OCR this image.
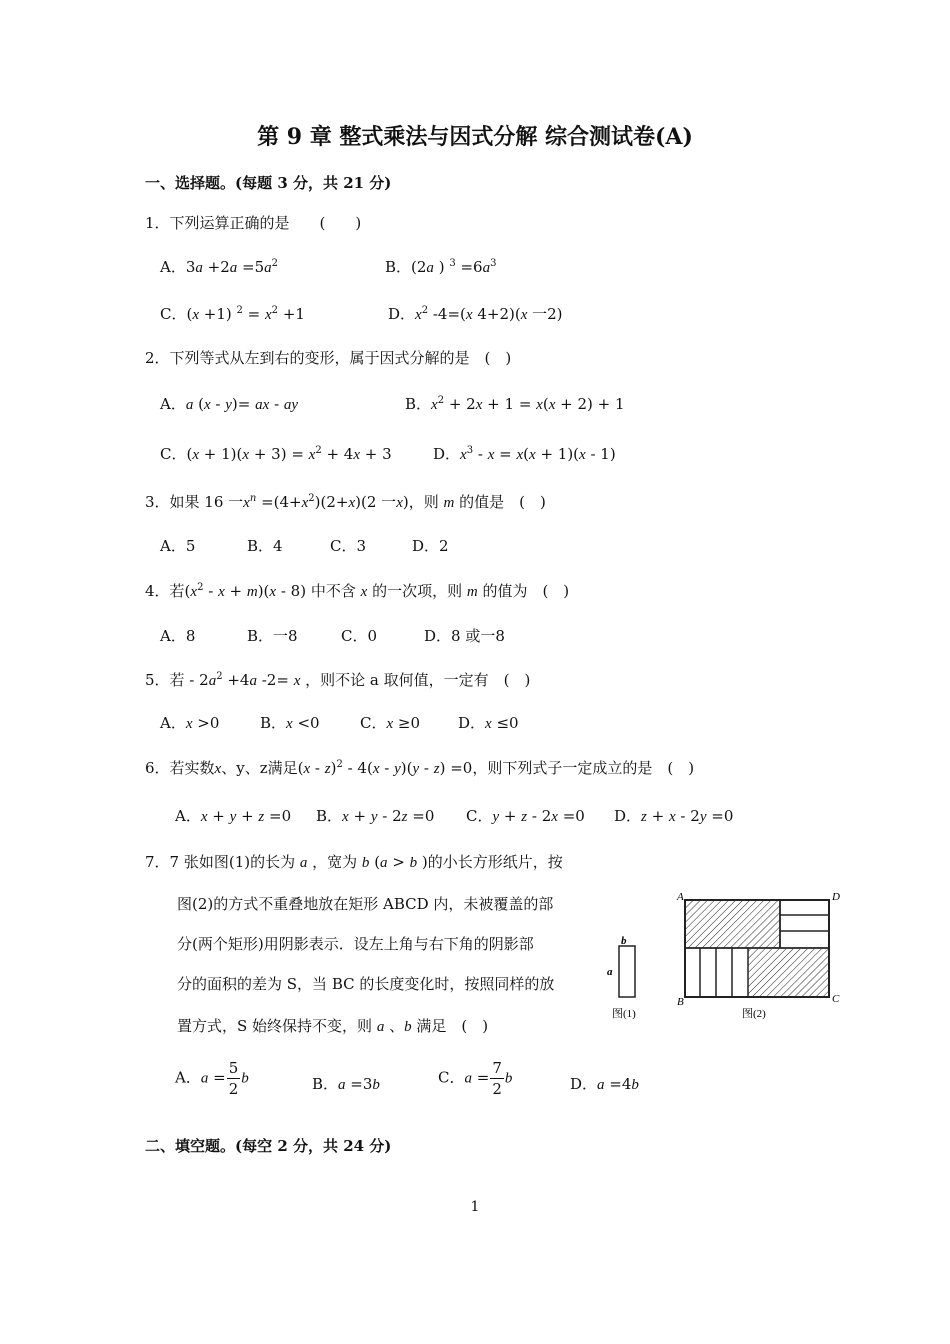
第 9 章 整式乘法与因式分解 综合测试卷(A)
一、选择题。(每题 3 分，共 21 分)
1．下列运算正确的是　　(　　)
A．$3a +2a =5a^2$	B．(2a ) $^3 =6a^3$
C．(x +1) $^2 = x^2 +1$	D．$x^2$ -4=(x 4+2)(x 一2)
2．下列等式从左到右的变形，属于因式分解的是　(　)
A．a (x - y)= ax - ay	B．$x^2 + 2x + 1 = x(x + 2) + 1$
C．$(x + 1)(x + 3) = x^2 + 4x + 3$	D．$x^3 - x = x(x + 1)(x - 1)$
3．如果 16 一$x^n =(4+x^2)(2+x)(2$ 一x)，则 m 的值是　(　)
A．5	B．4	C．3	D．2
4．若$(x^2 - x + m)(x - 8)$ 中不含 x 的一次项，则 m 的值为　(　)
A．8	B．一8	C．0	D．8 或一8
5．若 - $2a^2 +4a$ -2= x ，则不论 a 取何值，一定有　(　)
A．x >0	B．x <0	C．x ≥0	D．x ≤0
6．若实数x、y、z满足(x - z)$^2$ - 4(x - y)(y - z) =0，则下列式子一定成立的是　(　)
A．x + y + z =0 B．x + y - 2z =0 C．y + z - 2x =0 D．z + x - 2y =0
7．7 张如图(1)的长为 a ，宽为 b (a > b )的小长方形纸片，按
图(2)的方式不重叠地放在矩形 ABCD 内，未被覆盖的部
分(两个矩形)用阴影表示．设左上角与右下角的阴影部
分的面积的差为 S，当 BC 的长度变化时，按照同样的放
置方式，S 始终保持不变，则 a 、b 满足　(　)
A．$a = \frac{5}{2}$ b	B．a =3b	C．$a = \frac{7}{2}$ b	D．a =4b
b
a
图(1)
A	D
B	C
图(2)
二、填空题。(每空 2 分，共 24 分)
1
